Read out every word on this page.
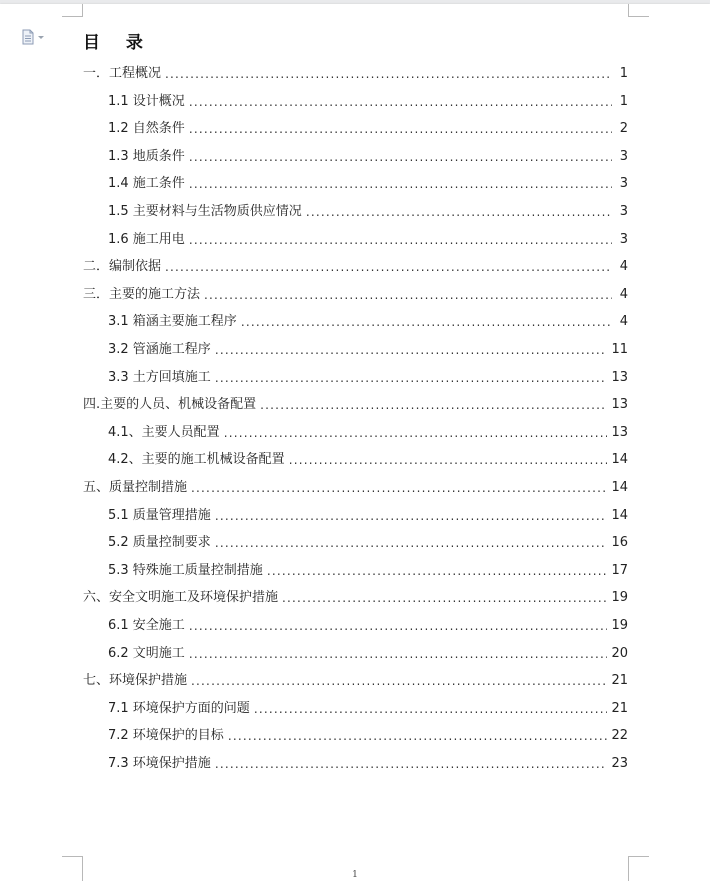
目 录
一．工程概况 .....	1
1.1 设计概况 .....	1
1.2 自然条件 .....	2
1.3 地质条件 .....	3
1.4 施工条件 .....	3
1.5 主要材料与生活物质供应情况 .....	3
1.6 施工用电 .....	3
二．编制依据 .....	4
三．主要的施工方法 .....	4
3.1 箱涵主要施工程序 .....	4
3.2 管涵施工程序 .....	11
3.3 土方回填施工 .....	13
四.主要的人员、机械设备配置 .....	13
4.1、主要人员配置 .....	13
4.2、主要的施工机械设备配置 .....	14
五、质量控制措施 .....	14
5.1 质量管理措施 .....	14
5.2 质量控制要求 .....	16
5.3 特殊施工质量控制措施 .....	17
六、安全文明施工及环境保护措施 .....	19
6.1 安全施工 .....	19
6.2 文明施工 .....	20
七、环境保护措施 .....	21
7.1 环境保护方面的问题 .....	21
7.2 环境保护的目标 .....	22
7.3 环境保护措施 .....	23
1
